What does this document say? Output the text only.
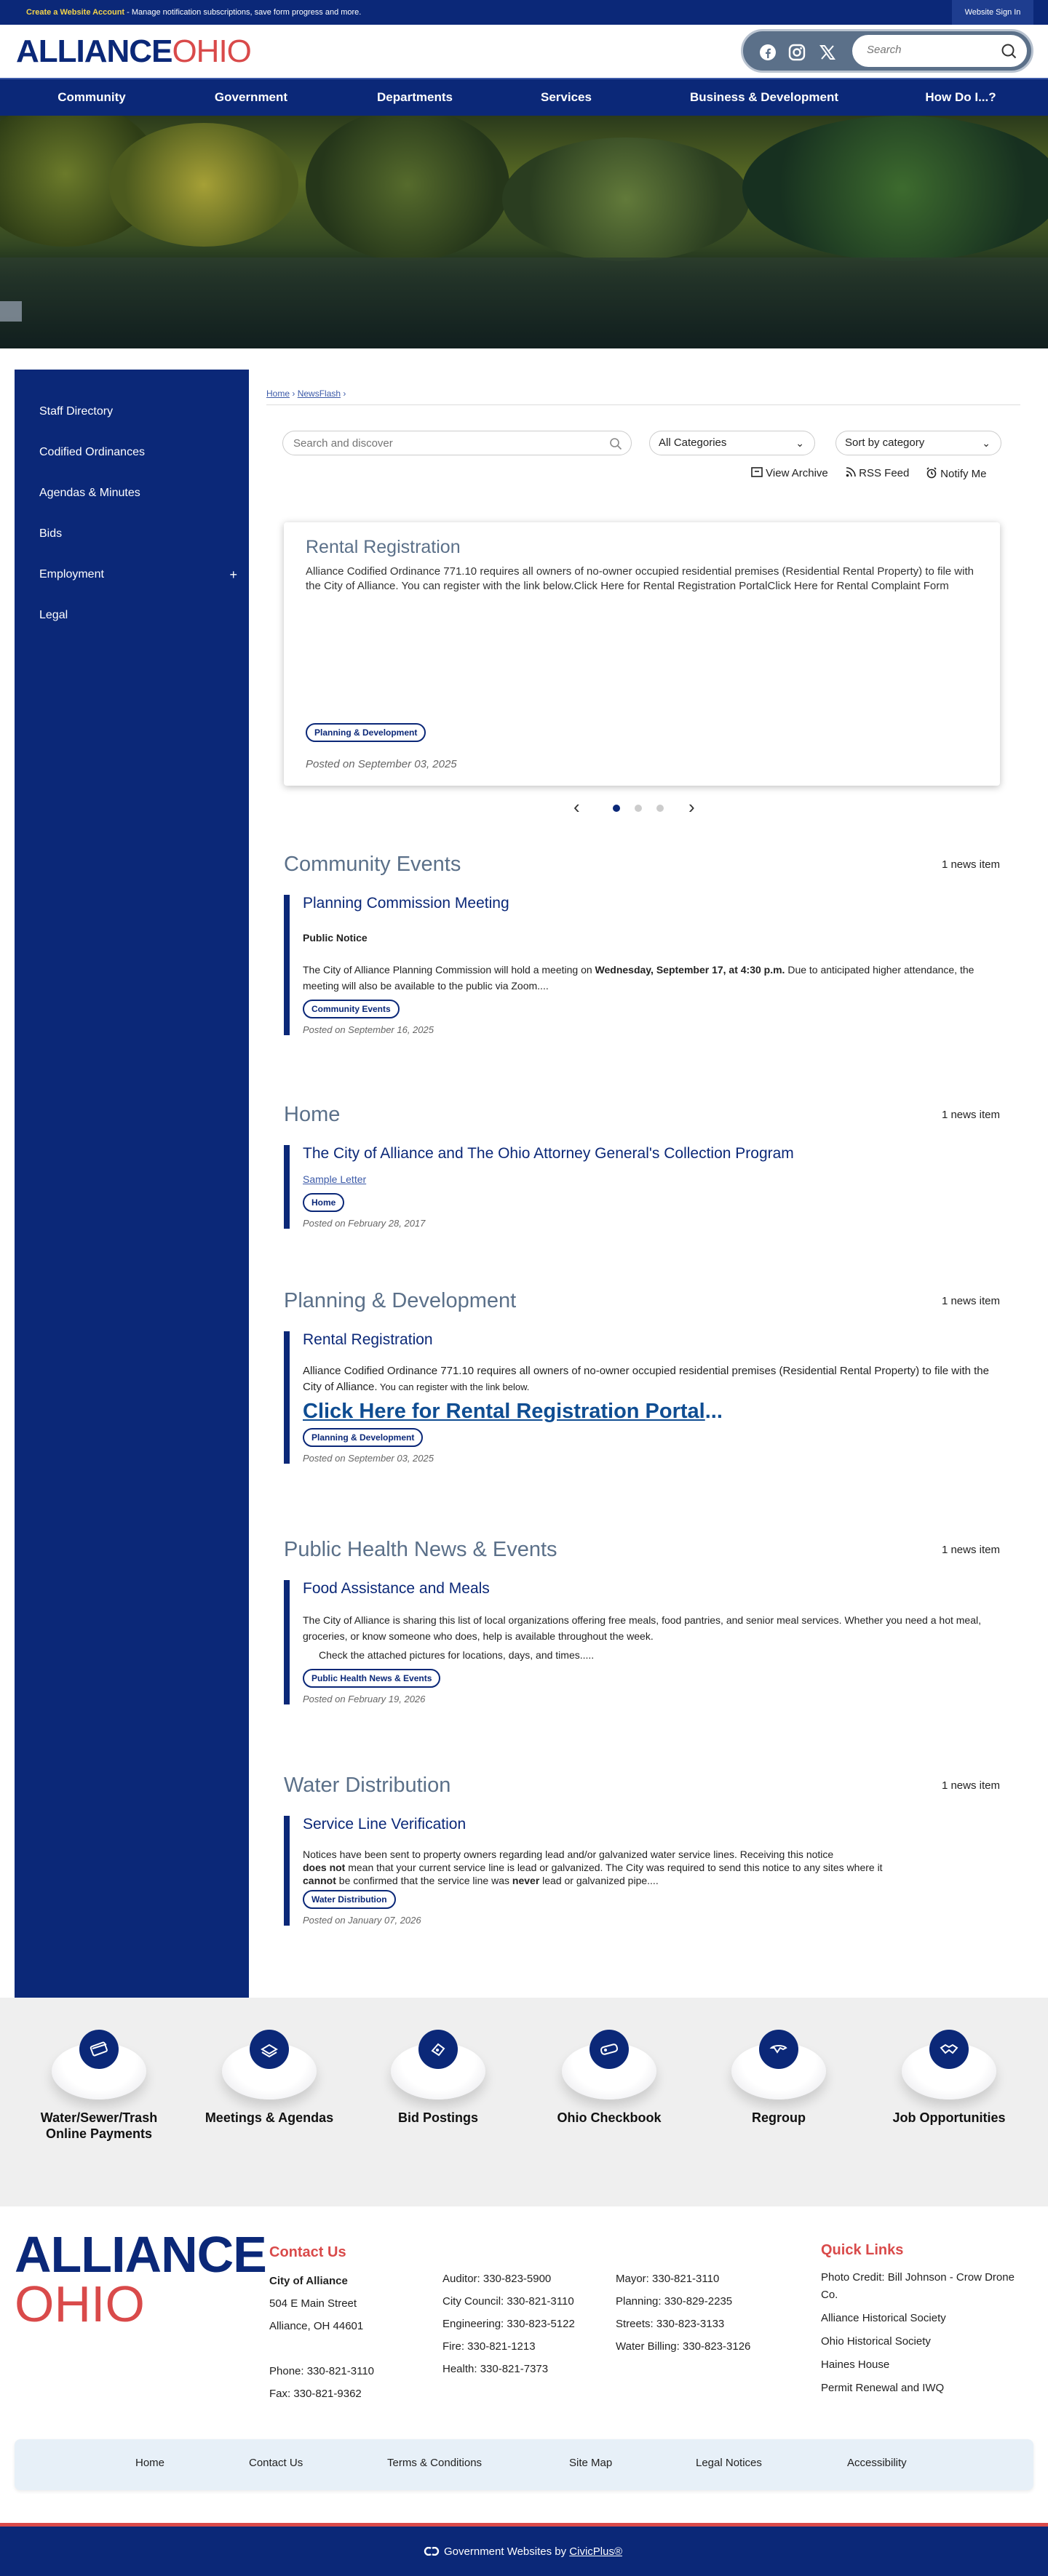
Create a Website Account - Manage notification subscriptions, save form progress and more.	Website Sign In
ALLIANCEOHIO
Search
Community	Government	Departments	Services	Business & Development	How Do I...?
Staff Directory
Codified Ordinances
Agendas & Minutes
Bids
Employment	+
Legal
Home › NewsFlash ›
Search and discover
All Categories	⌄	Sort by category	⌄
View Archive	RSS Feed	Notify Me
Rental Registration

Alliance Codified Ordinance 771.10 requires all owners of no-owner occupied residential premises (Residential Rental Property) to file with the City of Alliance. You can register with the link below.Click Here for Rental Registration PortalClick Here for Rental Complaint Form

Planning & Development
Posted on September 03, 2025
‹	›
Community Events	1 news item
Planning Commission Meeting
Public Notice
The City of Alliance Planning Commission will hold a meeting on Wednesday, September 17, at 4:30 p.m. Due to anticipated higher attendance, the meeting will also be available to the public via Zoom....
Community Events
Posted on September 16, 2025
Home	1 news item
The City of Alliance and The Ohio Attorney General's Collection Program
Sample Letter
Home
Posted on February 28, 2017
Planning & Development	1 news item
Rental Registration
Alliance Codified Ordinance 771.10 requires all owners of no-owner occupied residential premises (Residential Rental Property) to file with the City of Alliance. You can register with the link below.
Click Here for Rental Registration Portal...
Planning & Development
Posted on September 03, 2025
Public Health News & Events	1 news item
Food Assistance and Meals
The City of Alliance is sharing this list of local organizations offering free meals, food pantries, and senior meal services. Whether you need a hot meal, groceries, or know someone who does, help is available throughout the week.
Check the attached pictures for locations, days, and times.....
Public Health News & Events
Posted on February 19, 2026
Water Distribution	1 news item
Service Line Verification
Notices have been sent to property owners regarding lead and/or galvanized water service lines. Receiving this notice
does not mean that your current service line is lead or galvanized. The City was required to send this notice to any sites where it
cannot be confirmed that the service line was never lead or galvanized pipe....
Water Distribution
Posted on January 07, 2026
Water/Sewer/Trash Online Payments
Meetings & Agendas	Bid Postings	Ohio Checkbook	Regroup	Job Opportunities
ALLIANCE
OHIO
Contact Us
City of Alliance
504 E Main Street
Alliance, OH 44601
Phone: 330-821-3110
Fax: 330-821-9362
Auditor: 330-823-5900
City Council: 330-821-3110
Engineering: 330-823-5122
Fire: 330-821-1213
Health: 330-821-7373
Mayor: 330-821-3110
Planning: 330-829-2235
Streets: 330-823-3133
Water Billing: 330-823-3126
Quick Links
Photo Credit: Bill Johnson - Crow Drone Co.
Alliance Historical Society
Ohio Historical Society
Haines House
Permit Renewal and IWQ
Home	Contact Us	Terms & Conditions	Site Map	Legal Notices	Accessibility
Government Websites by CivicPlus®
